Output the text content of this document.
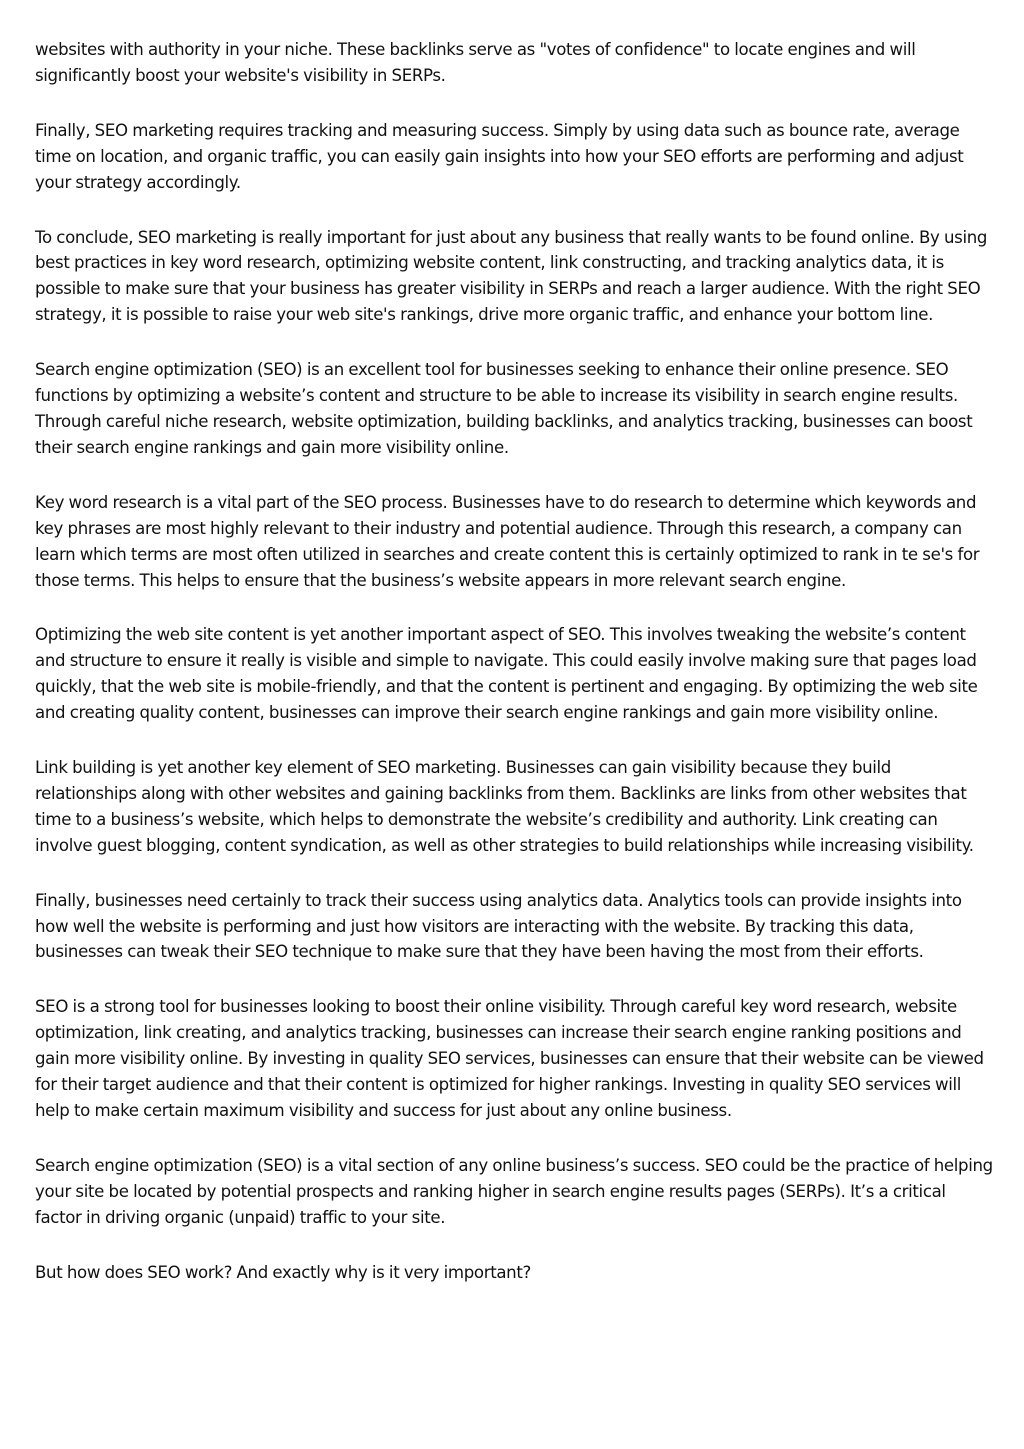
websites with authority in your niche. These backlinks serve as "votes of confidence" to locate engines and will significantly boost your website's visibility in SERPs.

Finally, SEO marketing requires tracking and measuring success. Simply by using data such as bounce rate, average time on location, and organic traffic, you can easily gain insights into how your SEO efforts are performing and adjust your strategy accordingly.

To conclude, SEO marketing is really important for just about any business that really wants to be found online. By using best practices in key word research, optimizing website content, link constructing, and tracking analytics data, it is possible to make sure that your business has greater visibility in SERPs and reach a larger audience. With the right SEO strategy, it is possible to raise your web site's rankings, drive more organic traffic, and enhance your bottom line.

Search engine optimization (SEO) is an excellent tool for businesses seeking to enhance their online presence. SEO functions by optimizing a website’s content and structure to be able to increase its visibility in search engine results. Through careful niche research, website optimization, building backlinks, and analytics tracking, businesses can boost their search engine rankings and gain more visibility online.

Key word research is a vital part of the SEO process. Businesses have to do research to determine which keywords and key phrases are most highly relevant to their industry and potential audience. Through this research, a company can learn which terms are most often utilized in searches and create content this is certainly optimized to rank in te se's for those terms. This helps to ensure that the business’s website appears in more relevant search engine.

Optimizing the web site content is yet another important aspect of SEO. This involves tweaking the website’s content and structure to ensure it really is visible and simple to navigate. This could easily involve making sure that pages load quickly, that the web site is mobile-friendly, and that the content is pertinent and engaging. By optimizing the web site and creating quality content, businesses can improve their search engine rankings and gain more visibility online.

Link building is yet another key element of SEO marketing. Businesses can gain visibility because they build relationships along with other websites and gaining backlinks from them. Backlinks are links from other websites that time to a business’s website, which helps to demonstrate the website’s credibility and authority. Link creating can involve guest blogging, content syndication, as well as other strategies to build relationships while increasing visibility.

Finally, businesses need certainly to track their success using analytics data. Analytics tools can provide insights into how well the website is performing and just how visitors are interacting with the website. By tracking this data, businesses can tweak their SEO technique to make sure that they have been having the most from their efforts.

SEO is a strong tool for businesses looking to boost their online visibility. Through careful key word research, website optimization, link creating, and analytics tracking, businesses can increase their search engine ranking positions and gain more visibility online. By investing in quality SEO services, businesses can ensure that their website can be viewed for their target audience and that their content is optimized for higher rankings. Investing in quality SEO services will help to make certain maximum visibility and success for just about any online business.

Search engine optimization (SEO) is a vital section of any online business’s success. SEO could be the practice of helping your site be located by potential prospects and ranking higher in search engine results pages (SERPs). It’s a critical factor in driving organic (unpaid) traffic to your site.

But how does SEO work? And exactly why is it very important?
